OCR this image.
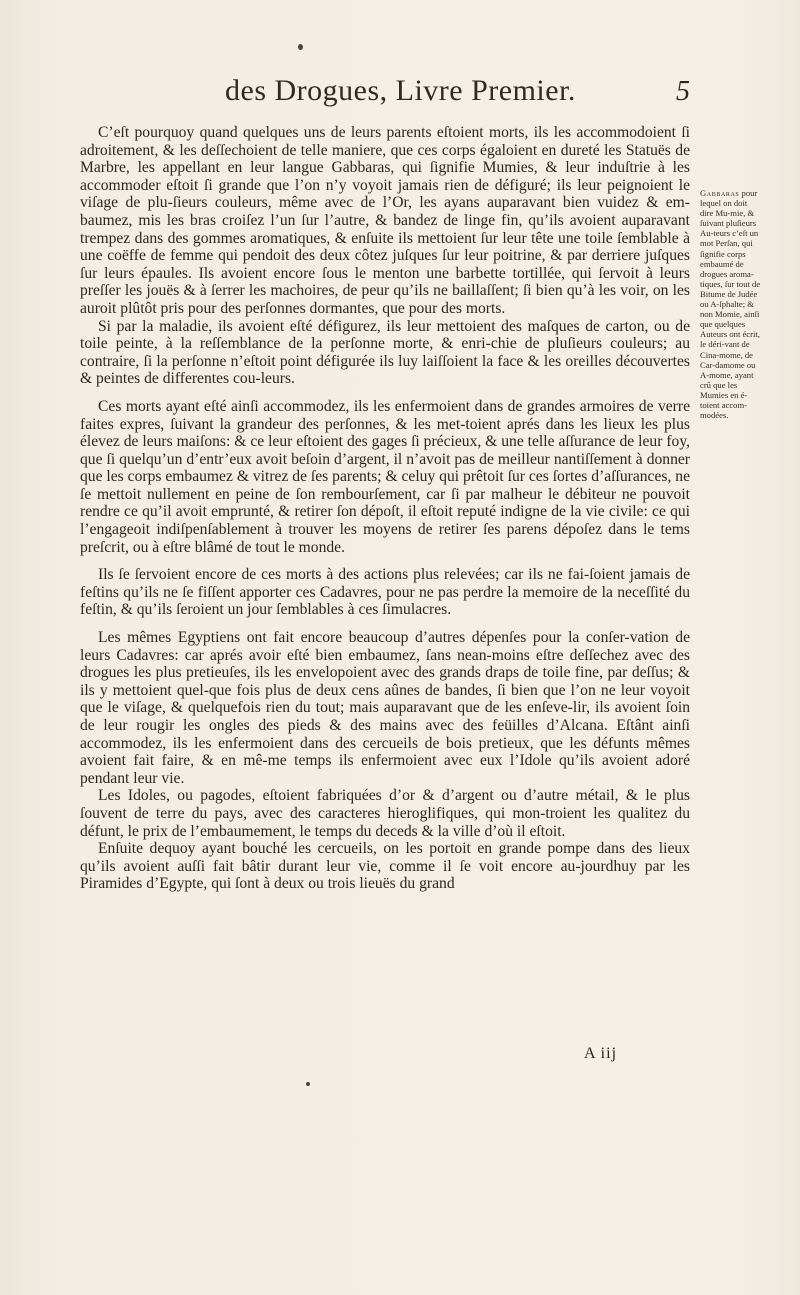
des Drogues, Livre Premier.	5

C’eſt pourquoy quand quelques uns de leurs parents eſtoient morts, ils les accommodoient ſi adroitement, & les deſſechoient de telle maniere, que ces corps égaloient en dureté les Statuës de Marbre, les appellant en leur langue Gabbaras, qui ſignifie Mumies, & leur induſtrie à les accommoder eſtoit ſi grande que l’on n’y voyoit jamais rien de défiguré; ils leur peignoient le viſage de plu-ſieurs couleurs, même avec de l’Or, les ayans auparavant bien vuidez & em-baumez, mis les bras croiſez l’un ſur l’autre, & bandez de linge fin, qu’ils avoient auparavant trempez dans des gommes aromatiques, & enſuite ils mettoient ſur leur tête une toile ſemblable à une coëffe de femme qui pendoit des deux côtez juſques ſur leur poitrine, & par derriere juſques ſur leurs épaules. Ils avoient encore ſous le menton une barbette tortillée, qui ſervoit à leurs preſſer les jouës & à ſerrer les machoires, de peur qu’ils ne baillaſſent; ſi bien qu’à les voir, on les auroit plûtôt pris pour des perſonnes dormantes, que pour des morts.

Si par la maladie, ils avoient eſté défigurez, ils leur mettoient des maſques de carton, ou de toile peinte, à la reſſemblance de la perſonne morte, & enri-chie de pluſieurs couleurs; au contraire, ſi la perſonne n’eſtoit point défigurée ils luy laiſſoient la face & les oreilles découvertes & peintes de differentes cou-leurs.

Ces morts ayant eſté ainſi accommodez, ils les enfermoient dans de grandes armoires de verre faites expres, ſuivant la grandeur des perſonnes, & les met-toient aprés dans les lieux les plus élevez de leurs maiſons: & ce leur eſtoient des gages ſi précieux, & une telle aſſurance de leur foy, que ſi quelqu’un d’entr’eux avoit beſoin d’argent, il n’avoit pas de meilleur nantiſſement à donner que les corps embaumez & vitrez de ſes parents; & celuy qui prêtoit ſur ces ſortes d’aſſurances, ne ſe mettoit nullement en peine de ſon rembourſement, car ſi par malheur le débiteur ne pouvoit rendre ce qu’il avoit emprunté, & retirer ſon dépoſt, il eſtoit reputé indigne de la vie civile: ce qui l’engageoit indiſpenſablement à trouver les moyens de retirer ſes parens dépoſez dans le tems preſcrit, ou à eſtre blâmé de tout le monde.

Ils ſe ſervoient encore de ces morts à des actions plus relevées; car ils ne fai-ſoient jamais de feſtins qu’ils ne ſe fiſſent apporter ces Cadavres, pour ne pas perdre la memoire de la neceſſité du feſtin, & qu’ils ſeroient un jour ſemblables à ces ſimulacres.

Les mêmes Egyptiens ont fait encore beaucoup d’autres dépenſes pour la conſer-vation de leurs Cadavres: car aprés avoir eſté bien embaumez, ſans nean-moins eſtre deſſechez avec des drogues les plus pretieuſes, ils les envelopoient avec des grands draps de toile fine, par deſſus; & ils y mettoient quel-que fois plus de deux cens aûnes de bandes, ſi bien que l’on ne leur voyoit que le viſage, & quelquefois rien du tout; mais auparavant que de les enſeve-lir, ils avoient ſoin de leur rougir les ongles des pieds & des mains avec des feüilles d’Alcana. Eſtânt ainſi accommodez, ils les enfermoient dans des cercueils de bois pretieux, que les défunts mêmes avoient fait faire, & en mê-me temps ils enfermoient avec eux l’Idole qu’ils avoient adoré pendant leur vie.

Les Idoles, ou pagodes, eſtoient fabriquées d’or & d’argent ou d’autre métail, & le plus ſouvent de terre du pays, avec des caracteres hieroglifiques, qui mon-troient les qualitez du défunt, le prix de l’embaumement, le temps du deceds & la ville d’où il eſtoit.

Enſuite dequoy ayant bouché les cercueils, on les portoit en grande pompe dans des lieux qu’ils avoient auſſi fait bâtir durant leur vie, comme il ſe voit encore au-jourdhuy par les Piramides d’Egypte, qui ſont à deux ou trois lieuës du grand

Gabbaras pour lequel on doit dire Mu-mie, & ſuivant pluſieurs Au-teurs c’eſt un mot Perſan, qui ſignifie corps embaumé de drogues aroma-tiques, ſur tout de Bitume de Judée ou A-ſphalte; & non Momie, ainſi que quelques Auteurs ont écrit, le déri-vant de Cina-mome, de Car-damome ou A-mome, ayant crû que les Mumies en é-toient accom-modées.
A iij
